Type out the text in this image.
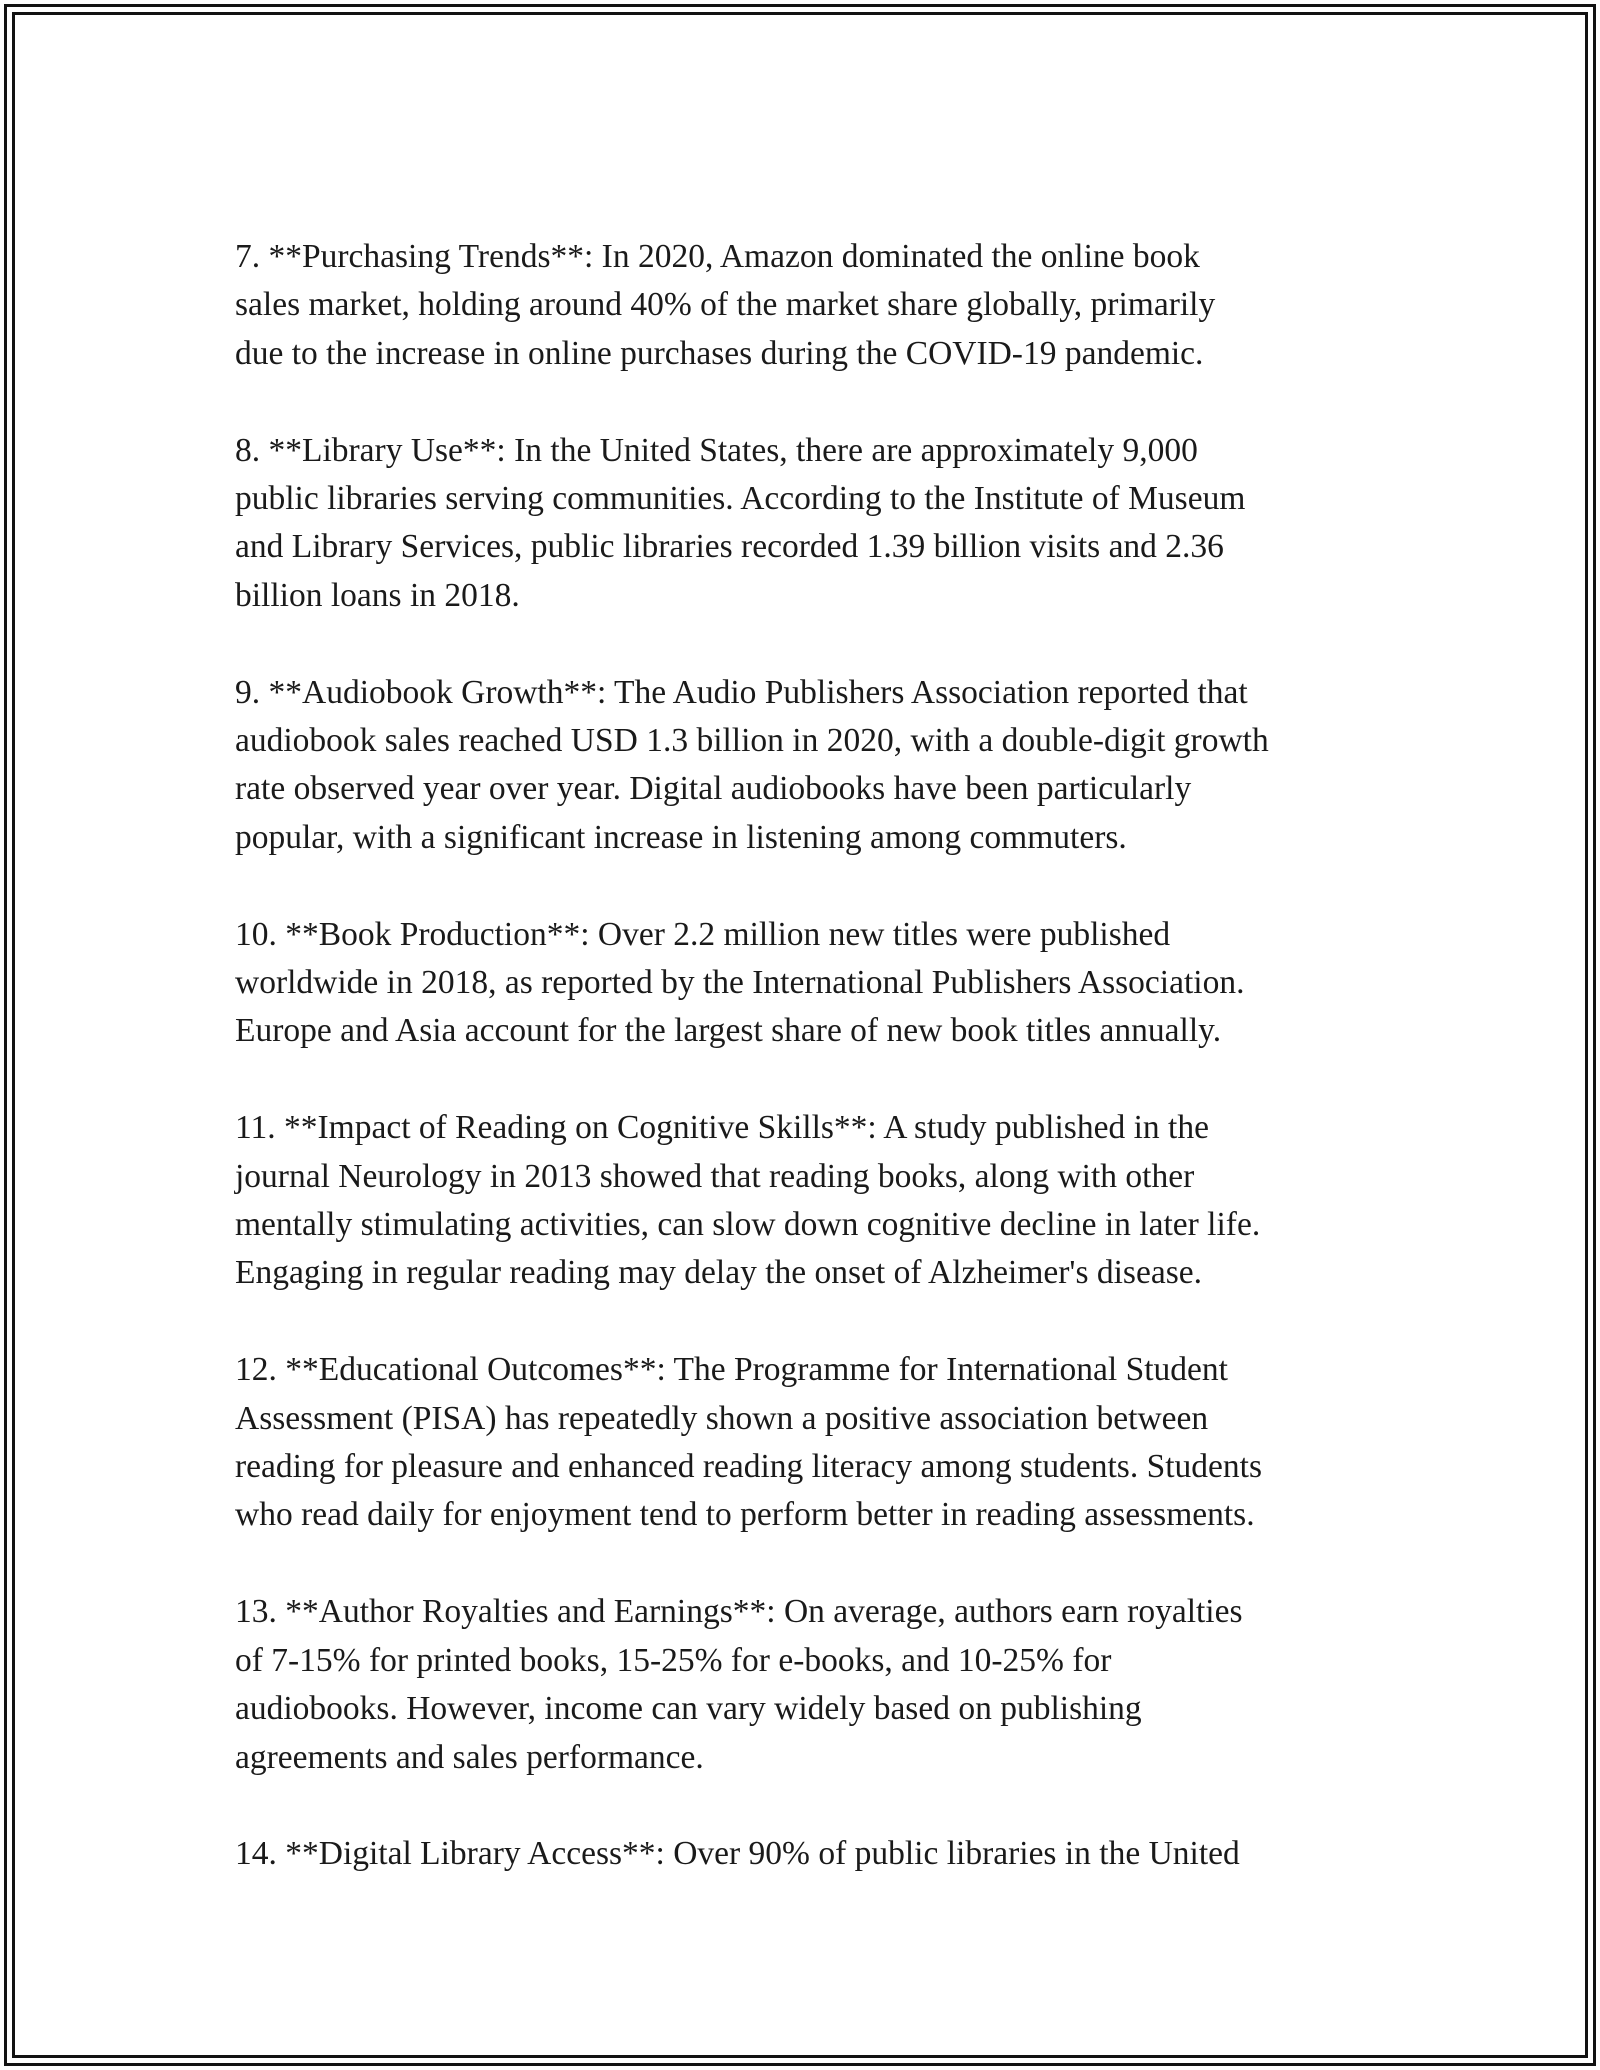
7. **Purchasing Trends**: In 2020, Amazon dominated the online book
sales market, holding around 40% of the market share globally, primarily
due to the increase in online purchases during the COVID-19 pandemic.

8. **Library Use**: In the United States, there are approximately 9,000
public libraries serving communities. According to the Institute of Museum
and Library Services, public libraries recorded 1.39 billion visits and 2.36
billion loans in 2018.

9. **Audiobook Growth**: The Audio Publishers Association reported that
audiobook sales reached USD 1.3 billion in 2020, with a double-digit growth
rate observed year over year. Digital audiobooks have been particularly
popular, with a significant increase in listening among commuters.

10. **Book Production**: Over 2.2 million new titles were published
worldwide in 2018, as reported by the International Publishers Association.
Europe and Asia account for the largest share of new book titles annually.

11. **Impact of Reading on Cognitive Skills**: A study published in the
journal Neurology in 2013 showed that reading books, along with other
mentally stimulating activities, can slow down cognitive decline in later life.
Engaging in regular reading may delay the onset of Alzheimer's disease.

12. **Educational Outcomes**: The Programme for International Student
Assessment (PISA) has repeatedly shown a positive association between
reading for pleasure and enhanced reading literacy among students. Students
who read daily for enjoyment tend to perform better in reading assessments.

13. **Author Royalties and Earnings**: On average, authors earn royalties
of 7-15% for printed books, 15-25% for e-books, and 10-25% for
audiobooks. However, income can vary widely based on publishing
agreements and sales performance.

14. **Digital Library Access**: Over 90% of public libraries in the United
